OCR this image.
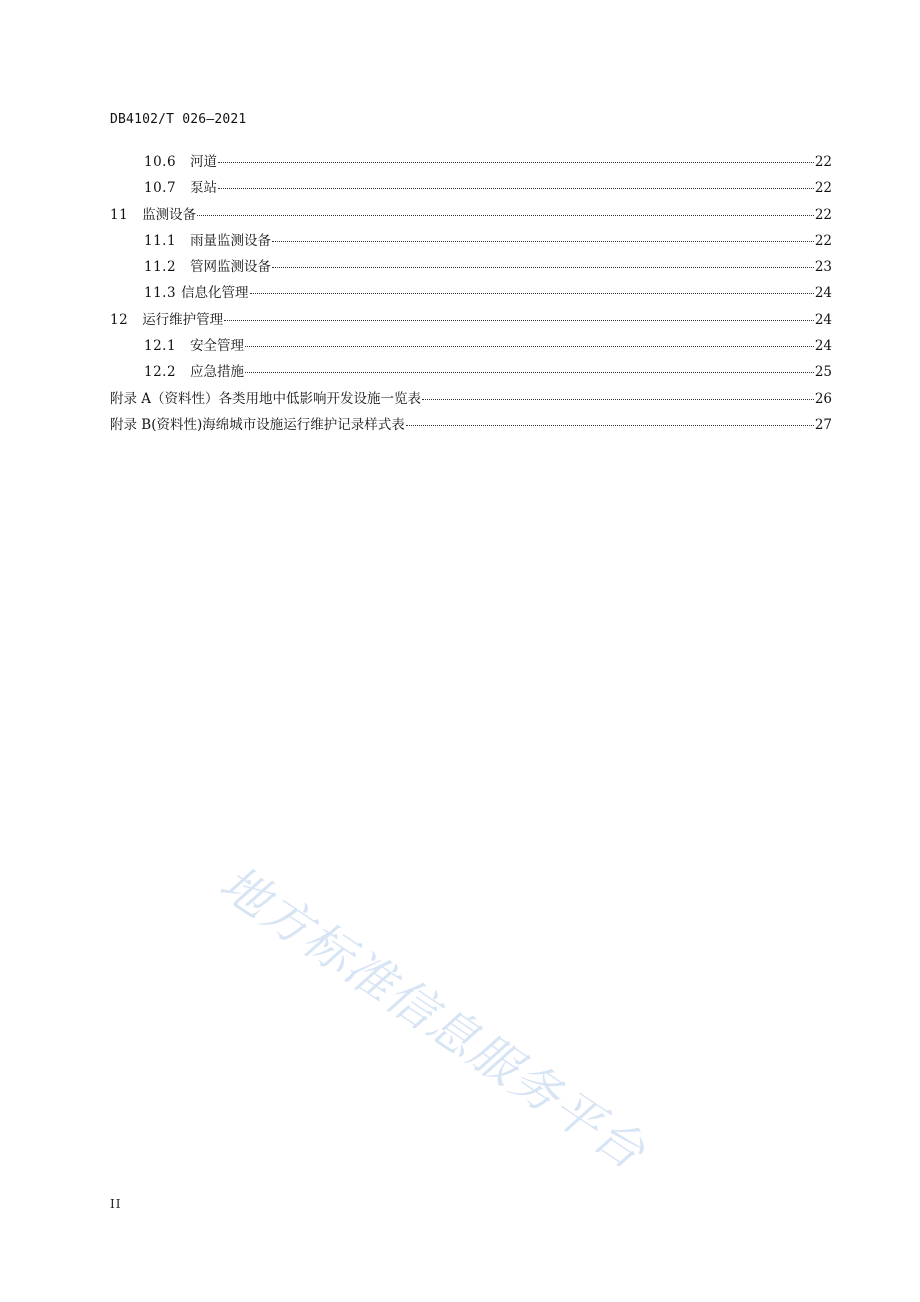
DB4102/T 026—2021
10.6 河道	22
10.7 泵站	22
11 监测设备	22
11.1 雨量监测设备	22
11.2 管网监测设备	23
11.3 信息化管理	24
12 运行维护管理	24
12.1 安全管理	24
12.2 应急措施	25
附录 A（资料性）各类用地中低影响开发设施一览表	26
附录 B(资料性)海绵城市设施运行维护记录样式表	27
地方标准信息服务平台
II
